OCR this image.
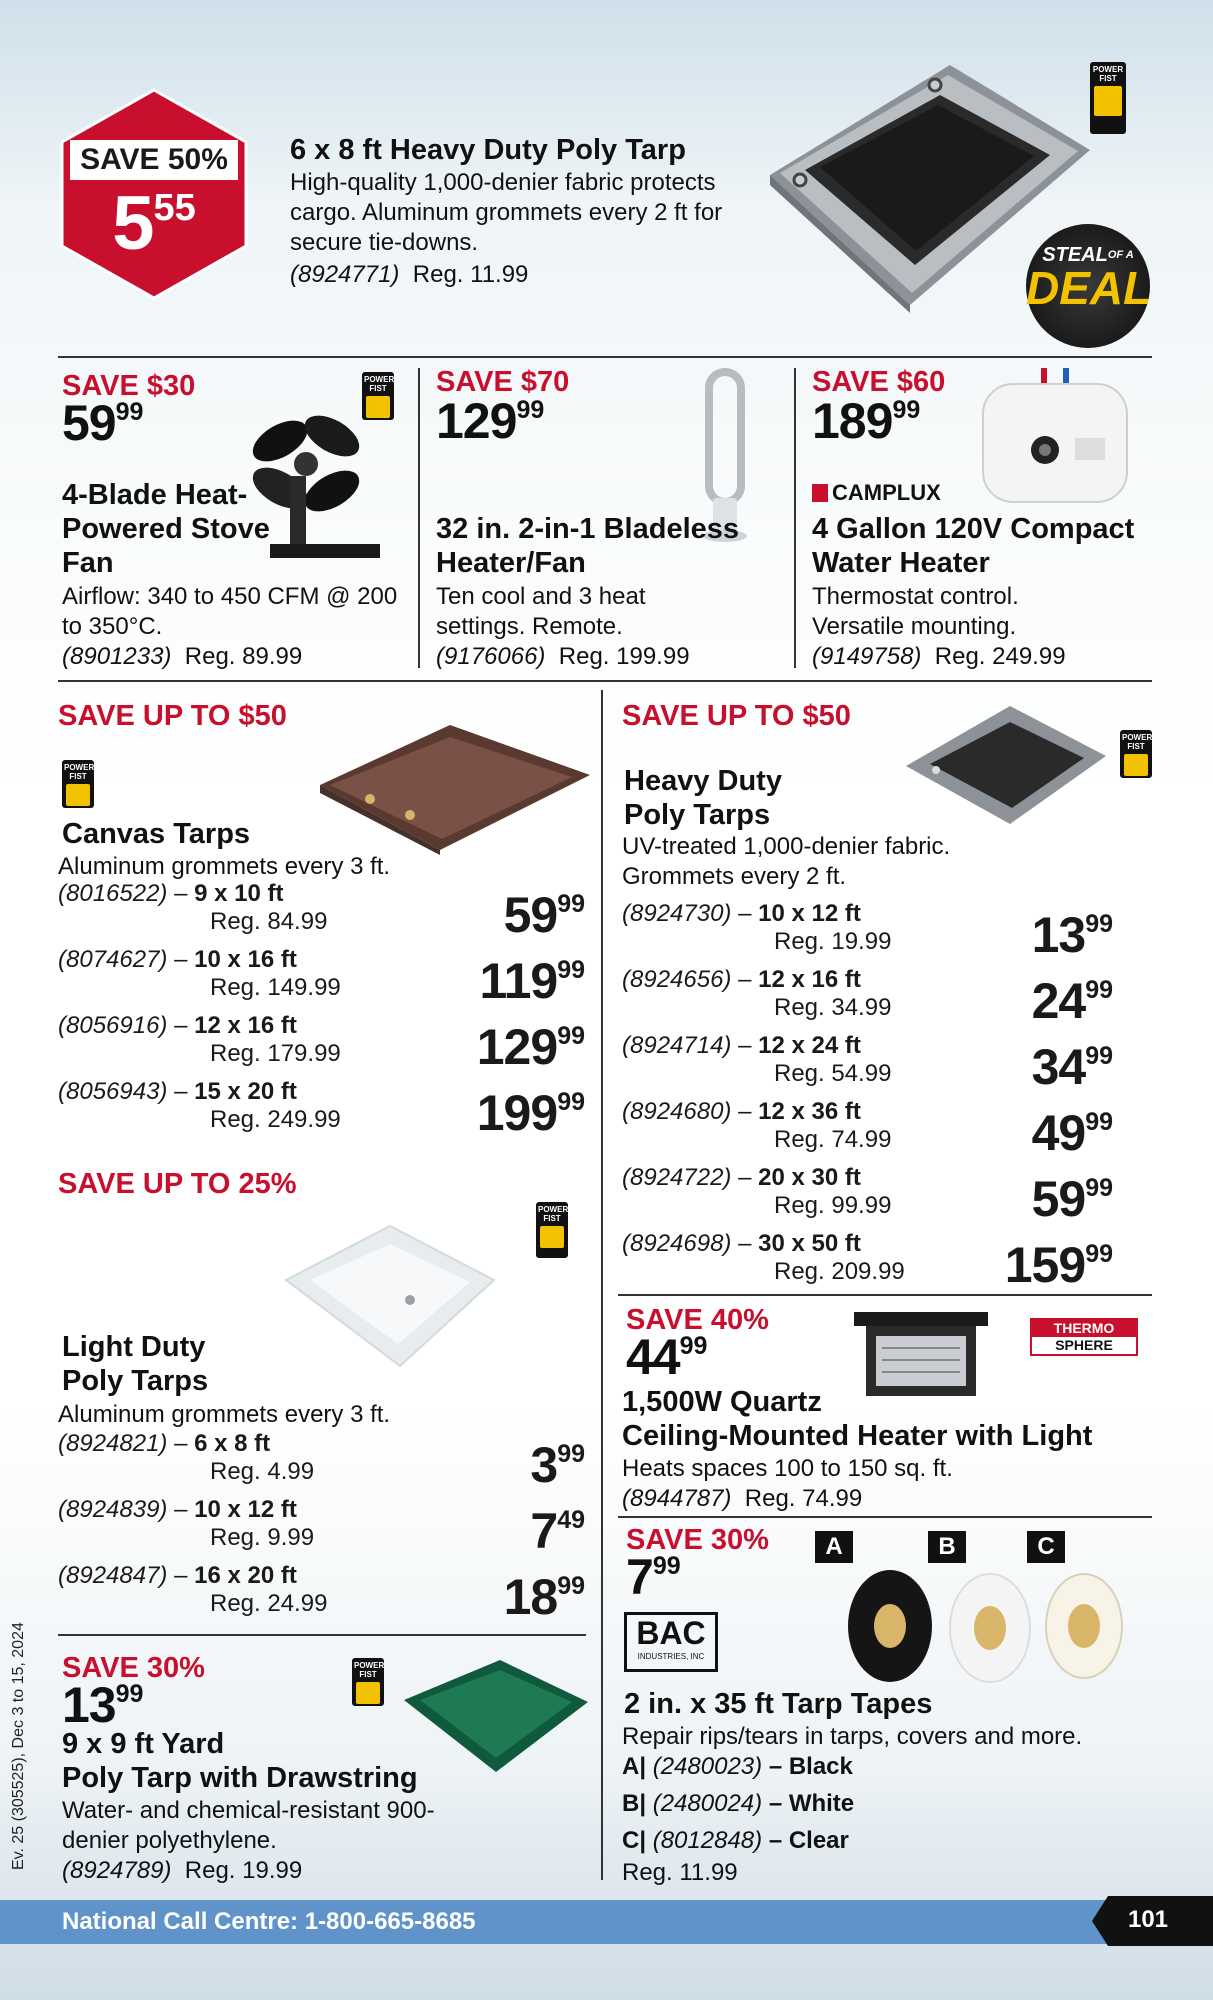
SAVE 50%
$5^{55}$
6 x 8 ft Heavy Duty Poly Tarp
High-quality 1,000-denier fabric protects cargo. Aluminum grommets every 2 ft for secure tie-downs.
(8924771) Reg. 11.99
POWER
FIST
$STEAL^{OF A}$
DEAL
SAVE $30
$59^{99}$
POWER
FIST
4-Blade Heat-Powered Stove Fan
Airflow: 340 to 450 CFM @ 200 to 350°C.
(8901233) Reg. 89.99
SAVE $70
$129^{99}$
32 in. 2-in-1 Bladeless Heater/Fan
Ten cool and 3 heat settings. Remote.
(9176066) Reg. 199.99
SAVE $60
$189^{99}$
CAMPLUX
4 Gallon 120V Compact Water Heater
Thermostat control. Versatile mounting.
(9149758) Reg. 249.99
SAVE UP TO $50
POWER
FIST
Canvas Tarps
Aluminum grommets every 3 ft.
(8016522) – 9 x 10 ft
Reg. 84.99	$59^{99}$
(8074627) – 10 x 16 ft
Reg. 149.99	$119^{99}$
(8056916) – 12 x 16 ft
Reg. 179.99	$129^{99}$
(8056943) – 15 x 20 ft
Reg. 249.99	$199^{99}$
SAVE UP TO 25%
POWER
FIST
Light Duty Poly Tarps
Aluminum grommets every 3 ft.
(8924821) – 6 x 8 ft
Reg. 4.99	$3^{99}$
(8924839) – 10 x 12 ft
Reg. 9.99	$7^{49}$
(8924847) – 16 x 20 ft
Reg. 24.99	$18^{99}$
SAVE 30%
$13^{99}$
POWER
FIST
9 x 9 ft Yard
Poly Tarp with Drawstring
Water- and chemical-resistant 900-denier polyethylene.
(8924789) Reg. 19.99
SAVE UP TO $50
POWER
FIST
Heavy Duty Poly Tarps
UV-treated 1,000-denier fabric. Grommets every 2 ft.
(8924730) – 10 x 12 ft
Reg. 19.99	$13^{99}$
(8924656) – 12 x 16 ft
Reg. 34.99	$24^{99}$
(8924714) – 12 x 24 ft
Reg. 54.99	$34^{99}$
(8924680) – 12 x 36 ft
Reg. 74.99	$49^{99}$
(8924722) – 20 x 30 ft
Reg. 99.99	$59^{99}$
(8924698) – 30 x 50 ft
Reg. 209.99 $159^{99}$
SAVE 40%
$44^{99}$
THERMO
SPHERE
1,500W Quartz
Ceiling-Mounted Heater with Light
Heats spaces 100 to 150 sq. ft.
(8944787) Reg. 74.99
SAVE 30%
$7^{99}$
A	B	C
BAC
INDUSTRIES, INC
2 in. x 35 ft Tarp Tapes
Repair rips/tears in tarps, covers and more.
A| (2480023) – Black
B| (2480024) – White
C| (8012848) – Clear
Reg. 11.99
Ev. 25 (305525), Dec 3 to 15, 2024
National Call Centre: 1-800-665-8685	101
